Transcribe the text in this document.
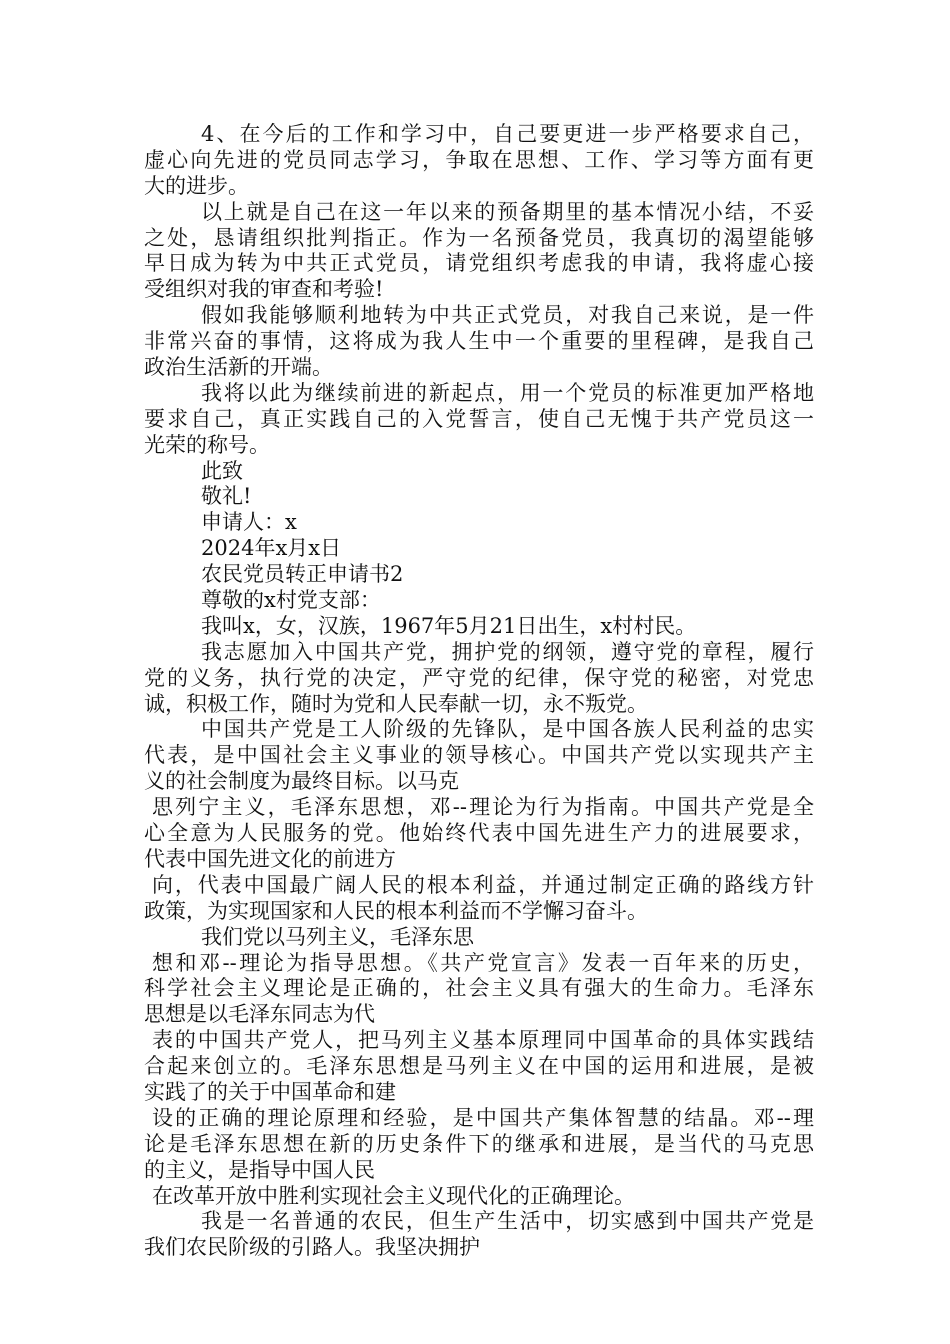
4、在今后的工作和学习中，自己要更进一步严格要求自己，
虚心向先进的党员同志学习，争取在思想、工作、学习等方面有更
大的进步。
以上就是自己在这一年以来的预备期里的基本情况小结，不妥
之处，恳请组织批判指正。作为一名预备党员，我真切的渴望能够
早日成为转为中共正式党员，请党组织考虑我的申请，我将虚心接
受组织对我的审查和考验!
假如我能够顺利地转为中共正式党员，对我自己来说，是一件
非常兴奋的事情，这将成为我人生中一个重要的里程碑，是我自己
政治生活新的开端。
我将以此为继续前进的新起点，用一个党员的标准更加严格地
要求自己，真正实践自己的入党誓言，使自己无愧于共产党员这一
光荣的称号。
此致
敬礼!
申请人：x
2024年x月x日
农民党员转正申请书2
尊敬的x村党支部：
我叫x，女，汉族，1967年5月21日出生，x村村民。
我志愿加入中国共产党，拥护党的纲领，遵守党的章程，履行
党的义务，执行党的决定，严守党的纪律，保守党的秘密，对党忠
诚，积极工作，随时为党和人民奉献一切，永不叛党。
中国共产党是工人阶级的先锋队，是中国各族人民利益的忠实
代表，是中国社会主义事业的领导核心。中国共产党以实现共产主
义的社会制度为最终目标。以马克
思列宁主义，毛泽东思想，邓--理论为行为指南。中国共产党是全
心全意为人民服务的党。他始终代表中国先进生产力的进展要求，
代表中国先进文化的前进方
向，代表中国最广阔人民的根本利益，并通过制定正确的路线方针
政策，为实现国家和人民的根本利益而不学懈习奋斗。
我们党以马列主义，毛泽东思
想和邓--理论为指导思想。《共产党宣言》发表一百年来的历史，
科学社会主义理论是正确的，社会主义具有强大的生命力。毛泽东
思想是以毛泽东同志为代
表的中国共产党人，把马列主义基本原理同中国革命的具体实践结
合起来创立的。毛泽东思想是马列主义在中国的运用和进展，是被
实践了的关于中国革命和建
设的正确的理论原理和经验，是中国共产集体智慧的结晶。邓--理
论是毛泽东思想在新的历史条件下的继承和进展，是当代的马克思
的主义，是指导中国人民
在改革开放中胜利实现社会主义现代化的正确理论。
我是一名普通的农民，但生产生活中，切实感到中国共产党是
我们农民阶级的引路人。我坚决拥护
